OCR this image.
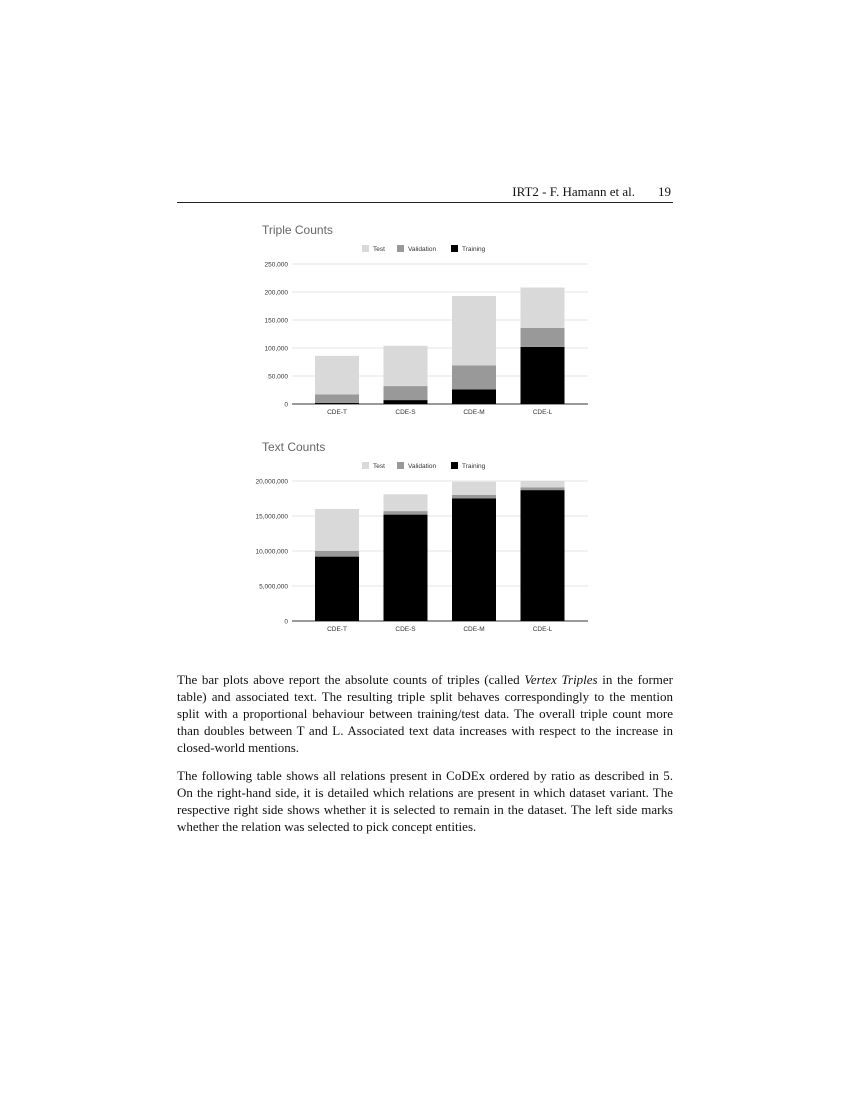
IRT2 - F. Hamann et al. 19
Triple Counts
Test	Validation	Training
0
50,000
100,000
150,000
200,000
250,000
CDE-T	CDE-S	CDE-M	CDE-L
Text Counts
Test	Validation	Training
0
5,000,000
10,000,000
15,000,000
20,000,000
CDE-T	CDE-S	CDE-M	CDE-L

The bar plots above report the absolute counts of triples (called Vertex Triples in the former table) and associated text. The resulting triple split behaves correspondingly to the mention split with a proportional behaviour between training/test data. The overall triple count more than doubles between T and L. Associated text data increases with respect to the increase in closed-world mentions.

The following table shows all relations present in CoDEx ordered by ratio as described in 5. On the right-hand side, it is detailed which relations are present in which dataset variant. The respective right side shows whether it is selected to remain in the dataset. The left side marks whether the relation was selected to pick concept entities.
